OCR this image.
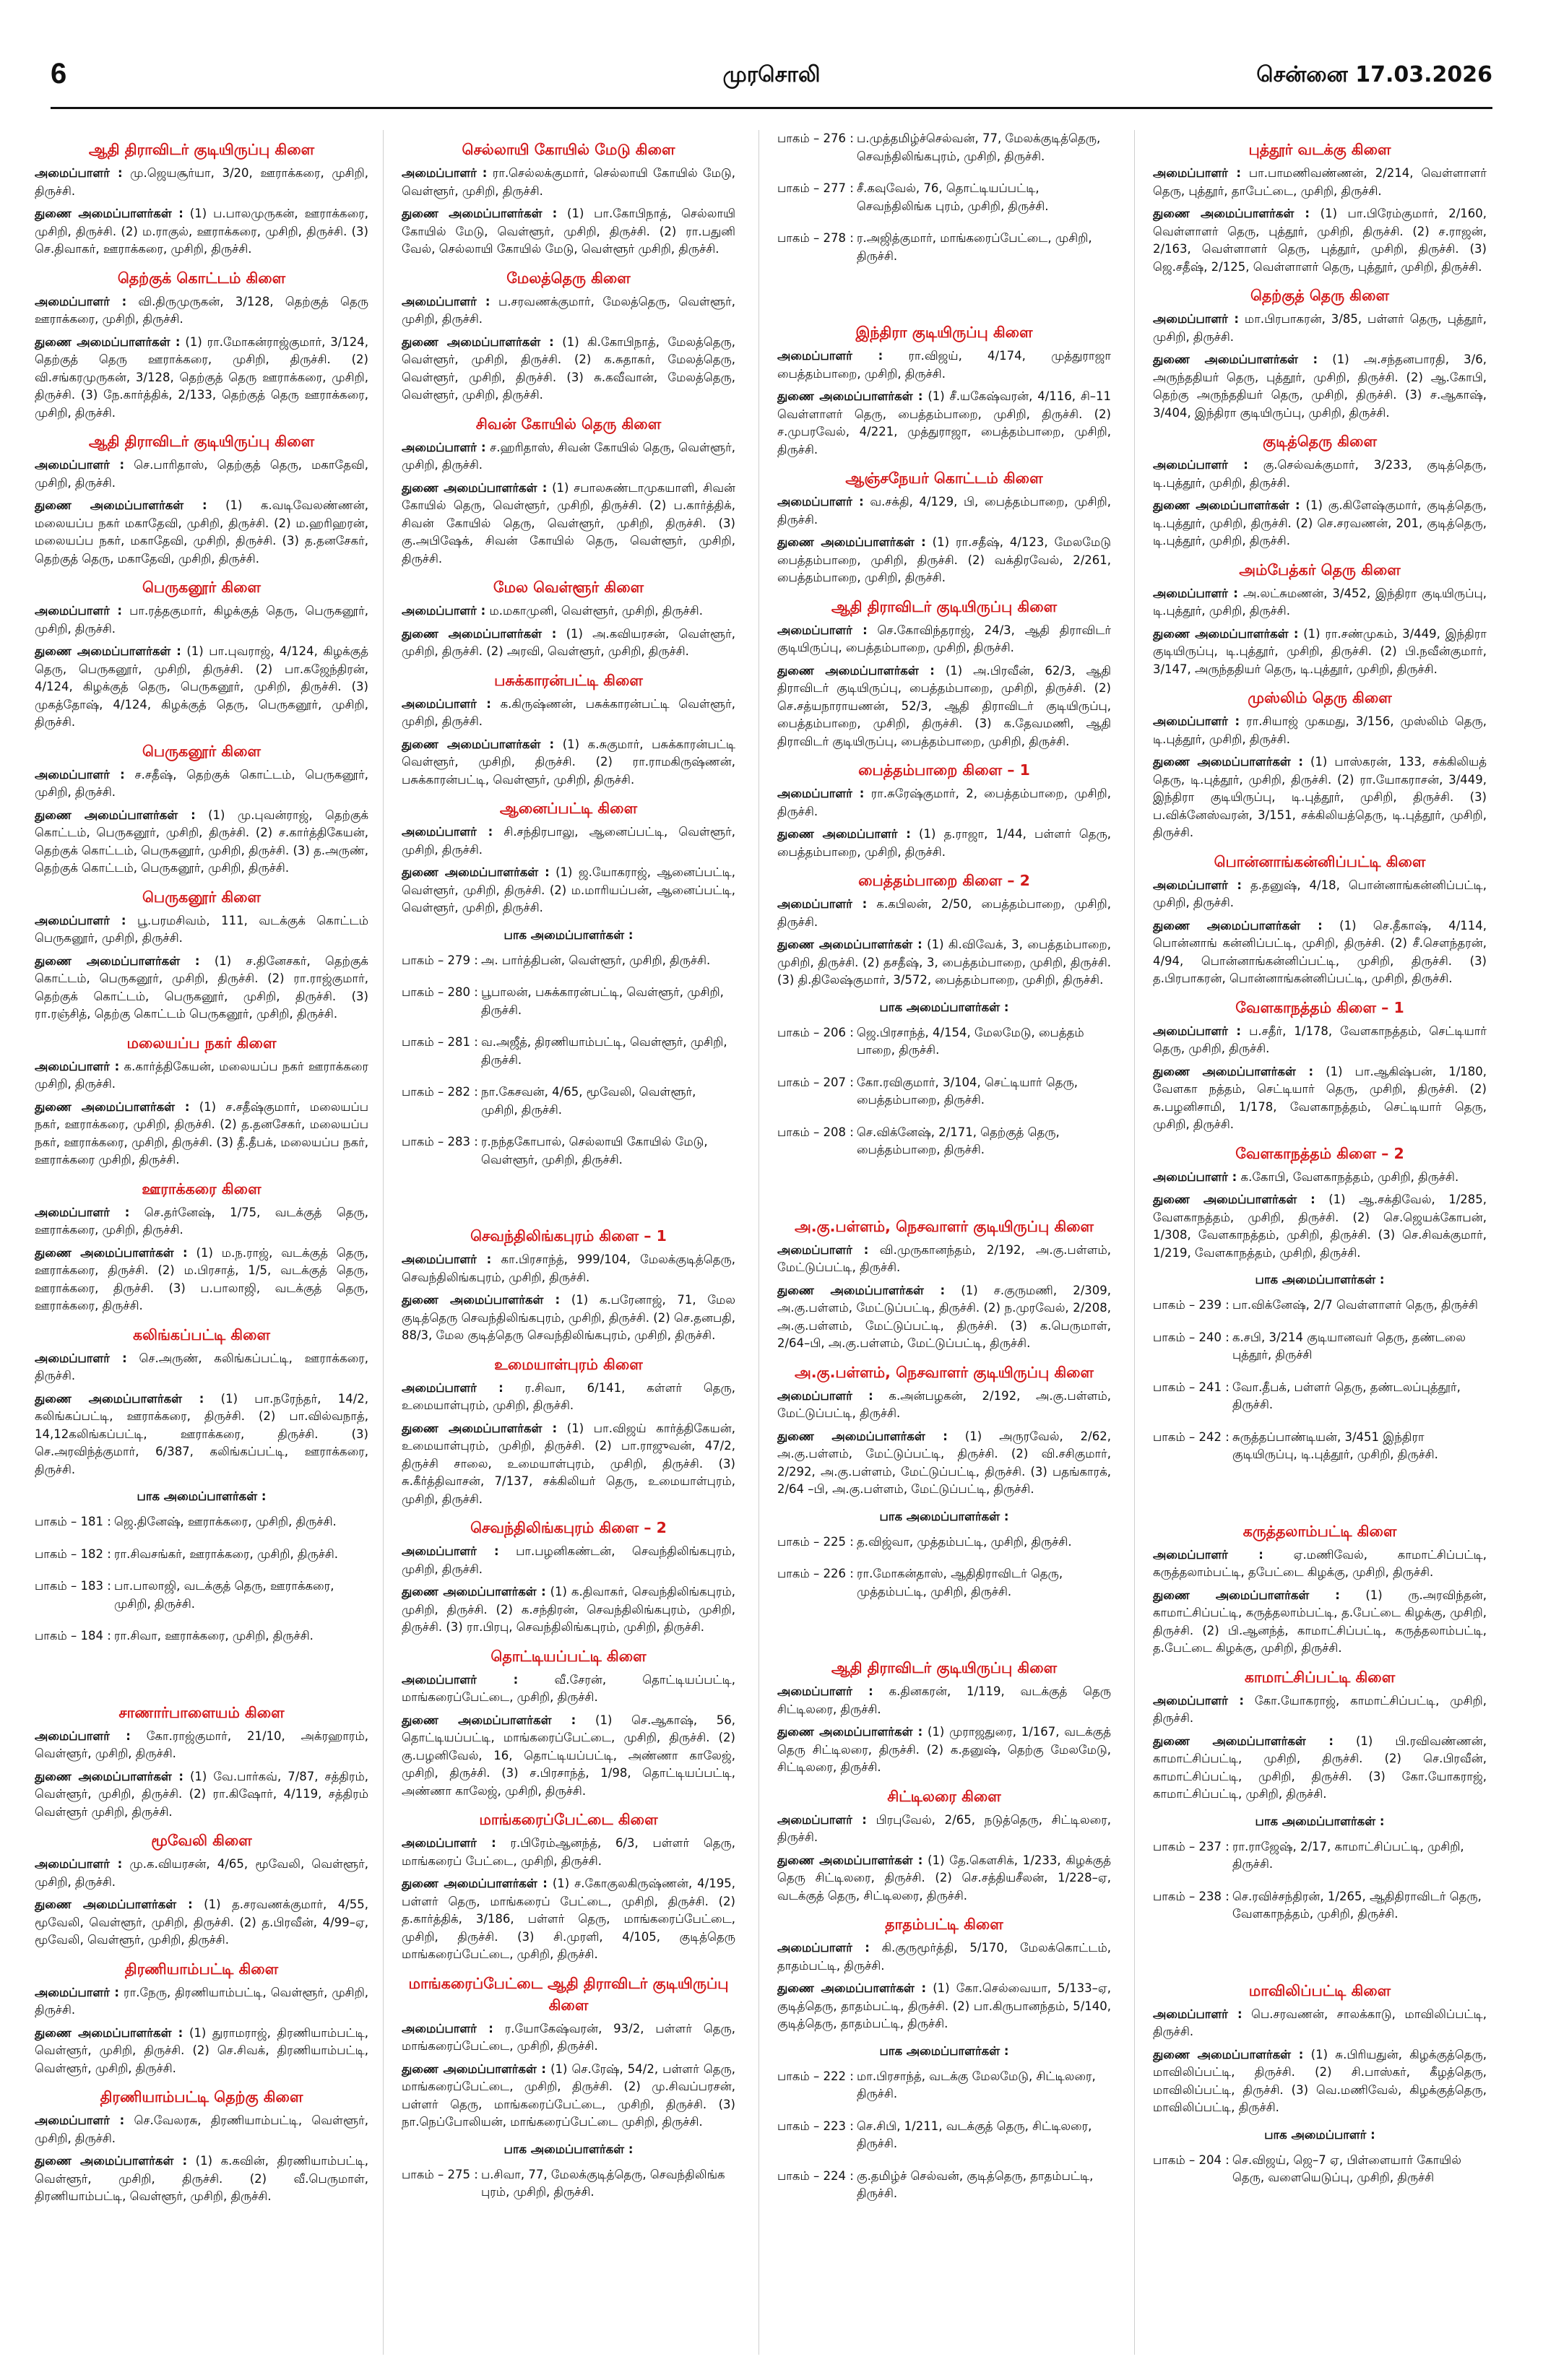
6	முரசொலி	சென்னை 17.03.2026
ஆதி திராவிடர் குடியிருப்பு கிளை
அமைப்பாளர் : மு.ஜெயசூர்யா, 3/20, ஊராக்கரை, முசிறி, திருச்சி.
துணை அமைப்பாளர்கள் : (1) ப.பாலமுருகன், ஊராக்கரை, முசிறி, திருச்சி. (2) ம.ராகுல், ஊராக்கரை, முசிறி, திருச்சி. (3) செ.திவாகர், ஊராக்கரை, முசிறி, திருச்சி.
தெற்குக் கொட்டம் கிளை
அமைப்பாளர் : வி.திருமுருகன், 3/128, தெற்குத் தெரு ஊராக்கரை, முசிறி, திருச்சி.
துணை அமைப்பாளர்கள் : (1) ரா.மோகன்ராஜ்குமார், 3/124, தெற்குத் தெரு ஊராக்கரை, முசிறி, திருச்சி. (2) வி.சங்கரமுருகன், 3/128, தெற்குத் தெரு ஊராக்கரை, முசிறி, திருச்சி. (3) நே.கார்த்திக், 2/133, தெற்குத் தெரு ஊராக்கரை, முசிறி, திருச்சி.
ஆதி திராவிடர் குடியிருப்பு கிளை
அமைப்பாளர் : செ.பாரிதாஸ், தெற்குத் தெரு, மகாதேவி, முசிறி, திருச்சி.
துணை அமைப்பாளர்கள் : (1) க.வடிவேலண்ணன், மலையப்ப நகர் மகாதேவி, முசிறி, திருச்சி. (2) ம.ஹரிஹரன், மலையப்ப நகர், மகாதேவி, முசிறி, திருச்சி. (3) த.தனசேகர், தெற்குத் தெரு, மகாதேவி, முசிறி, திருச்சி.
பெருகனூர் கிளை
அமைப்பாளர் : பா.ரத்தகுமார், கிழக்குத் தெரு, பெருகனூர், முசிறி, திருச்சி.
துணை அமைப்பாளர்கள் : (1) பா.புவராஜ், 4/124, கிழக்குத் தெரு, பெருகனூர், முசிறி, திருச்சி. (2) பா.கஜேந்திரன், 4/124, கிழக்குத் தெரு, பெருகனூர், முசிறி, திருச்சி. (3) முகத்தோஷ், 4/124, கிழக்குத் தெரு, பெருகனூர், முசிறி, திருச்சி.
பெருகனூர் கிளை
அமைப்பாளர் : ச.சதீஷ், தெற்குக் கொட்டம், பெருகனூர், முசிறி, திருச்சி.
துணை அமைப்பாளர்கள் : (1) மு.புவன்ராஜ், தெற்குக் கொட்டம், பெருகனூர், முசிறி, திருச்சி. (2) ச.கார்த்திகேயன், தெற்குக் கொட்டம், பெருகனூர், முசிறி, திருச்சி. (3) த.அருண், தெற்குக் கொட்டம், பெருகனூர், முசிறி, திருச்சி.
பெருகனூர் கிளை
அமைப்பாளர் : பூ.பரமசிவம், 111, வடக்குக் கொட்டம் பெருகனூர், முசிறி, திருச்சி.
துணை அமைப்பாளர்கள் : (1) ச.தினேசகர், தெற்குக் கொட்டம், பெருகனூர், முசிறி, திருச்சி. (2) ரா.ராஜ்குமார், தெற்குக் கொட்டம், பெருகனூர், முசிறி, திருச்சி. (3) ரா.ரஞ்சித், தெற்கு கொட்டம் பெருகனூர், முசிறி, திருச்சி.
மலையப்ப நகர் கிளை
அமைப்பாளர் : க.கார்த்திகேயன், மலையப்ப நகர் ஊராக்கரை முசிறி, திருச்சி.
துணை அமைப்பாளர்கள் : (1) ச.சதீஷ்குமார், மலையப்ப நகர், ஊராக்கரை, முசிறி, திருச்சி. (2) த.தனசேகர், மலையப்ப நகர், ஊராக்கரை, முசிறி, திருச்சி. (3) தீ.தீபக், மலையப்ப நகர், ஊராக்கரை முசிறி, திருச்சி.
ஊராக்கரை கிளை
அமைப்பாளர் : செ.தர்னேஷ், 1/75, வடக்குத் தெரு, ஊராக்கரை, முசிறி, திருச்சி.
துணை அமைப்பாளர்கள் : (1) ம.ந.ராஜ், வடக்குத் தெரு, ஊராக்கரை, திருச்சி. (2) ம.பிரசாத், 1/5, வடக்குத் தெரு, ஊராக்கரை, திருச்சி. (3) ப.பாலாஜி, வடக்குத் தெரு, ஊராக்கரை, திருச்சி.
கலிங்கப்பட்டி கிளை
அமைப்பாளர் : செ.அருண், கலிங்கப்பட்டி, ஊராக்கரை, திருச்சி.
துணை அமைப்பாளர்கள் : (1) பா.நரேந்தர், 14/2, கலிங்கப்பட்டி, ஊராக்கரை, திருச்சி. (2) பா.வில்வநாத், 14,12கலிங்கப்பட்டி, ஊராக்கரை, திருச்சி. (3) செ.அரவிந்த்குமார், 6/387, கலிங்கப்பட்டி, ஊராக்கரை, திருச்சி.
பாக அமைப்பாளர்கள் :
பாகம் – 181 : ஜெ.தினேஷ், ஊராக்கரை, முசிறி, திருச்சி.
பாகம் – 182 : ரா.சிவசங்கர், ஊராக்கரை, முசிறி, திருச்சி.
பாகம் – 183 : பா.பாலாஜி, வடக்குத் தெரு, ஊராக்கரை, முசிறி, திருச்சி.
பாகம் – 184 : ரா.சிவா, ஊராக்கரை, முசிறி, திருச்சி.
சாணார்பாளையம் கிளை
அமைப்பாளர் : கோ.ராஜ்குமார், 21/10, அக்ரஹாரம், வெள்ளூர், முசிறி, திருச்சி.
துணை அமைப்பாளர்கள் : (1) வே.பார்கவ், 7/87, சத்திரம், வெள்ளூர், முசிறி, திருச்சி. (2) ரா.கிஷோர், 4/119, சத்திரம் வெள்ளூர் முசிறி, திருச்சி.
மூவேலி கிளை
அமைப்பாளர் : மு.க.வியரசன், 4/65, மூவேலி, வெள்ளூர், முசிறி, திருச்சி.
துணை அமைப்பாளர்கள் : (1) த.சரவணக்குமார், 4/55, மூவேலி, வெள்ளூர், முசிறி, திருச்சி. (2) த.பிரவீன், 4/99–ஏ, மூவேலி, வெள்ளூர், முசிறி, திருச்சி.
திரணியாம்பட்டி கிளை
அமைப்பாளர் : ரா.நேரு, திரணியாம்பட்டி, வெள்ளூர், முசிறி, திருச்சி.
துணை அமைப்பாளர்கள் : (1) துராமராஜ், திரணியாம்பட்டி, வெள்ளூர், முசிறி, திருச்சி. (2) செ.சிவக், திரணியாம்பட்டி, வெள்ளூர், முசிறி, திருச்சி.
திரணியாம்பட்டி தெற்கு கிளை
அமைப்பாளர் : செ.வேலரசு, திரணியாம்பட்டி, வெள்ளூர், முசிறி, திருச்சி.
துணை அமைப்பாளர்கள் : (1) க.கவின், திரணியாம்பட்டி, வெள்ளூர், முசிறி, திருச்சி. (2) வீ.பெருமாள், திரணியாம்பட்டி, வெள்ளூர், முசிறி, திருச்சி.
செல்லாயி கோயில் மேடு கிளை
அமைப்பாளர் : ரா.செல்லக்குமார், செல்லாயி கோயில் மேடு, வெள்ளூர், முசிறி, திருச்சி.
துணை அமைப்பாளர்கள் : (1) பா.கோபிநாத், செல்லாயி கோயில் மேடு, வெள்ளூர், முசிறி, திருச்சி. (2) ரா.பதுனி வேல், செல்லாயி கோயில் மேடு, வெள்ளூர் முசிறி, திருச்சி.
மேலத்தெரு கிளை
அமைப்பாளர் : ப.சரவணக்குமார், மேலத்தெரு, வெள்ளூர், முசிறி, திருச்சி.
துணை அமைப்பாளர்கள் : (1) கி.கோபிநாத், மேலத்தெரு, வெள்ளூர், முசிறி, திருச்சி. (2) க.சுதாகர், மேலத்தெரு, வெள்ளூர், முசிறி, திருச்சி. (3) சு.கவீவான், மேலத்தெரு, வெள்ளூர், முசிறி, திருச்சி.
சிவன் கோயில் தெரு கிளை
அமைப்பாளர் : ச.ஹரிதாஸ், சிவன் கோயில் தெரு, வெள்ளூர், முசிறி, திருச்சி.
துணை அமைப்பாளர்கள் : (1) சபாலசுண்டாமுகயாளி, சிவன் கோயில் தெரு, வெள்ளூர், முசிறி, திருச்சி. (2) ப.கார்த்திக், சிவன் கோயில் தெரு, வெள்ளூர், முசிறி, திருச்சி. (3) கு.அபிஷேக், சிவன் கோயில் தெரு, வெள்ளூர், முசிறி, திருச்சி.
மேல வெள்ளூர் கிளை
அமைப்பாளர் : ம.மகாமுனி, வெள்ளூர், முசிறி, திருச்சி.
துணை அமைப்பாளர்கள் : (1) அ.கவியரசன், வெள்ளூர், முசிறி, திருச்சி. (2) அரவி, வெள்ளூர், முசிறி, திருச்சி.
பசுக்காரன்பட்டி கிளை
அமைப்பாளர் : க.கிருஷ்ணன், பசுக்காரன்பட்டி வெள்ளூர், முசிறி, திருச்சி.
துணை அமைப்பாளர்கள் : (1) க.சுகுமார், பசுக்காரன்பட்டி வெள்ளூர், முசிறி, திருச்சி. (2) ரா.ராமகிருஷ்ணன், பசுக்காரன்பட்டி, வெள்ளூர், முசிறி, திருச்சி.
ஆனைப்பட்டி கிளை
அமைப்பாளர் : சி.சந்திரபாலு, ஆனைப்பட்டி, வெள்ளூர், முசிறி, திருச்சி.
துணை அமைப்பாளர்கள் : (1) ஜ.யோகராஜ், ஆனைப்பட்டி, வெள்ளூர், முசிறி, திருச்சி. (2) ம.மாரியப்பன், ஆனைப்பட்டி, வெள்ளூர், முசிறி, திருச்சி.
பாக அமைப்பாளர்கள் :
பாகம் – 279 : அ. பார்த்திபன், வெள்ளூர், முசிறி, திருச்சி.
பாகம் – 280 : பூபாலன், பசுக்காரன்பட்டி, வெள்ளூர், முசிறி, திருச்சி.
பாகம் – 281 : வ.அஜீத், திரணியாம்பட்டி, வெள்ளூர், முசிறி, திருச்சி.
பாகம் – 282 : நா.கேசவன், 4/65, மூவேலி, வெள்ளூர், முசிறி, திருச்சி.
பாகம் – 283 : ர.நந்தகோபால், செல்லாயி கோயில் மேடு, வெள்ளூர், முசிறி, திருச்சி.
செவந்திலிங்கபுரம் கிளை – 1
அமைப்பாளர் : கா.பிரசாந்த், 999/104, மேலக்குடித்தெரு, செவந்திலிங்கபுரம், முசிறி, திருச்சி.
துணை அமைப்பாளர்கள் : (1) க.பரேனாஜ், 71, மேல குடித்தெரு செவந்திலிங்கபுரம், முசிறி, திருச்சி. (2) செ.தனபதி, 88/3, மேல குடித்தெரு செவந்திலிங்கபுரம், முசிறி, திருச்சி.
உமையாள்புரம் கிளை
அமைப்பாளர் : ர.சிவா, 6/141, கள்ளர் தெரு, உமையாள்புரம், முசிறி, திருச்சி.
துணை அமைப்பாளர்கள் : (1) பா.விஜய் கார்த்திகேயன், உமையாள்புரம், முசிறி, திருச்சி. (2) பா.ராஜுவன், 47/2, திருச்சி சாலை, உமையாள்புரம், முசிறி, திருச்சி. (3) சு.கீர்த்திவாசன், 7/137, சக்கிலியர் தெரு, உமையாள்புரம், முசிறி, திருச்சி.
செவந்திலிங்கபுரம் கிளை – 2
அமைப்பாளர் : பா.பழனிகண்டன், செவந்திலிங்கபுரம், முசிறி, திருச்சி.
துணை அமைப்பாளர்கள் : (1) க.திவாகர், செவந்திலிங்கபுரம், முசிறி, திருச்சி. (2) க.சந்திரன், செவந்திலிங்கபுரம், முசிறி, திருச்சி. (3) ரா.பிரபு, செவந்திலிங்கபுரம், முசிறி, திருச்சி.
தொட்டியப்பட்டி கிளை
அமைப்பாளர் :	வீ.சேரன், தொட்டியப்பட்டி, மாங்கரைப்பேட்டை, முசிறி, திருச்சி.
துணை அமைப்பாளர்கள் : (1) செ.ஆகாஷ், 56, தொட்டியப்பட்டி, மாங்கரைப்பேட்டை, முசிறி, திருச்சி. (2) கு.பழனிவேல், 16, தொட்டியப்பட்டி, அண்ணா காலேஜ், முசிறி, திருச்சி. (3) ச.பிரசாந்த், 1/98, தொட்டியப்பட்டி, அண்ணா காலேஜ், முசிறி, திருச்சி.
மாங்கரைப்பேட்டை கிளை
அமைப்பாளர் : ர.பிரேம்ஆனந்த், 6/3, பள்ளர் தெரு, மாங்கரைப் பேட்டை, முசிறி, திருச்சி.
துணை அமைப்பாளர்கள் : (1) ச.கோகுலகிருஷ்ணன், 4/195, பள்ளர் தெரு, மாங்கரைப் பேட்டை, முசிறி, திருச்சி. (2) த.கார்த்திக், 3/186, பள்ளர் தெரு, மாங்கரைப்பேட்டை, முசிறி, திருச்சி. (3) சி.முரளி, 4/105, குடித்தெரு மாங்கரைப்பேட்டை, முசிறி, திருச்சி.
மாங்கரைப்பேட்டை ஆதி திராவிடர் குடியிருப்பு கிளை
அமைப்பாளர் : ர.யோகேஷ்வரன், 93/2, பள்ளர் தெரு, மாங்கரைப்பேட்டை, முசிறி, திருச்சி.
துணை அமைப்பாளர்கள் : (1) செ.ரேஷ், 54/2, பள்ளர் தெரு, மாங்கரைப்பேட்டை, முசிறி, திருச்சி. (2) மு.சிவப்பரசன், பள்ளர் தெரு, மாங்கரைப்பேட்டை, முசிறி, திருச்சி. (3) நா.நெப்போலியன், மாங்கரைப்பேட்டை முசிறி, திருச்சி.
பாக அமைப்பாளர்கள் :
பாகம் – 275 : ப.சிவா, 77, மேலக்குடித்தெரு, செவந்திலிங்க புரம், முசிறி, திருச்சி.
பாகம் – 276 : ப.முத்தமிழ்ச்செல்வன், 77, மேலக்குடித்தெரு, செவந்திலிங்கபுரம், முசிறி, திருச்சி.
பாகம் – 277 : சீ.கவுவேல், 76, தொட்டியப்பட்டி, செவந்திலிங்க புரம், முசிறி, திருச்சி.
பாகம் – 278 : ர.அஜித்குமார், மாங்கரைப்பேட்டை, முசிறி, திருச்சி.
இந்திரா குடியிருப்பு கிளை
அமைப்பாளர் : ரா.விஜய், 4/174, முத்துராஜா பைத்தம்பாறை, முசிறி, திருச்சி.
துணை அமைப்பாளர்கள் : (1) சீ.யகேஷ்வரன், 4/116, சி–11 வெள்ளாளர் தெரு, பைத்தம்பாறை, முசிறி, திருச்சி. (2) ச.முபரவேல், 4/221, முத்துராஜா, பைத்தம்பாறை, முசிறி, திருச்சி.
ஆஞ்சநேயர் கொட்டம் கிளை
அமைப்பாளர் : வ.சக்தி, 4/129, பி, பைத்தம்பாறை, முசிறி, திருச்சி.
துணை அமைப்பாளர்கள் : (1) ரா.சதீஷ், 4/123, மேலமேடு பைத்தம்பாறை, முசிறி, திருச்சி. (2) வக்திரவேல், 2/261, பைத்தம்பாறை, முசிறி, திருச்சி.
ஆதி திராவிடர் குடியிருப்பு கிளை
அமைப்பாளர் : செ.கோவிந்தராஜ், 24/3, ஆதி திராவிடர் குடியிருப்பு, பைத்தம்பாறை, முசிறி, திருச்சி.
துணை அமைப்பாளர்கள் : (1) அ.பிரவீன், 62/3, ஆதி திராவிடர் குடியிருப்பு, பைத்தம்பாறை, முசிறி, திருச்சி. (2) செ.சத்யநாராயணன், 52/3, ஆதி திராவிடர் குடியிருப்பு, பைத்தம்பாறை, முசிறி, திருச்சி. (3) க.தேவமணி, ஆதி திராவிடர் குடியிருப்பு, பைத்தம்பாறை, முசிறி, திருச்சி.
பைத்தம்பாறை கிளை – 1
அமைப்பாளர் : ரா.சுரேஷ்குமார், 2, பைத்தம்பாறை, முசிறி, திருச்சி.
துணை அமைப்பாளர் : (1) த.ராஜா, 1/44, பள்ளர் தெரு, பைத்தம்பாறை, முசிறி, திருச்சி.
பைத்தம்பாறை கிளை – 2
அமைப்பாளர் : க.கபிலன், 2/50, பைத்தம்பாறை, முசிறி, திருச்சி.
துணை அமைப்பாளர்கள் : (1) கி.விவேக், 3, பைத்தம்பாறை, முசிறி, திருச்சி. (2) தசதீஷ், 3, பைத்தம்பாறை, முசிறி, திருச்சி. (3) தி.திலேஷ்குமார், 3/572, பைத்தம்பாறை, முசிறி, திருச்சி.
பாக அமைப்பாளர்கள் :
பாகம் – 206 : ஜெ.பிரசாந்த், 4/154, மேலமேடு, பைத்தம் பாறை, திருச்சி.
பாகம் – 207 : கோ.ரவிகுமார், 3/104, செட்டியார் தெரு, பைத்தம்பாறை, திருச்சி.
பாகம் – 208 : செ.விக்னேஷ், 2/171, தெற்குத் தெரு, பைத்தம்பாறை, திருச்சி.
அ.கு.பள்ளம், நெசவாளர் குடியிருப்பு கிளை
அமைப்பாளர் : வி.முருகானந்தம், 2/192, அ.கு.பள்ளம், மேட்டுப்பட்டி, திருச்சி.
துணை அமைப்பாளர்கள் : (1) ச.குருமணி, 2/309, அ.கு.பள்ளம், மேட்டுப்பட்டி, திருச்சி. (2) ந.முரவேல், 2/208, அ.கு.பள்ளம், மேட்டுப்பட்டி, திருச்சி. (3) க.பெருமாள், 2/64–பி, அ.கு.பள்ளம், மேட்டுப்பட்டி, திருச்சி.
அ.கு.பள்ளம், நெசவாளர் குடியிருப்பு கிளை
அமைப்பாளர் : க.அன்பழகன், 2/192, அ.கு.பள்ளம், மேட்டுப்பட்டி, திருச்சி.
துணை அமைப்பாளர்கள் : (1) அருரவேல், 2/62, அ.கு.பள்ளம், மேட்டுப்பட்டி, திருச்சி. (2) வி.சசிகுமார், 2/292, அ.கு.பள்ளம், மேட்டுப்பட்டி, திருச்சி. (3) பதங்காரக், 2/64 –பி, அ.கு.பள்ளம், மேட்டுப்பட்டி, திருச்சி.
பாக அமைப்பாளர்கள் :
பாகம் – 225 : த.விஜ்வா, முத்தம்பட்டி, முசிறி, திருச்சி.
பாகம் – 226 : ரா.மோகன்தாஸ், ஆதிதிராவிடர் தெரு, முத்தம்பட்டி, முசிறி, திருச்சி.
ஆதி திராவிடர் குடியிருப்பு கிளை
அமைப்பாளர் : க.தினகரன், 1/119, வடக்குத் தெரு சிட்டிலரை, திருச்சி.
துணை அமைப்பாளர்கள் : (1) முராஜதுரை, 1/167, வடக்குத் தெரு சிட்டிலரை, திருச்சி. (2) க.தனுஷ், தெற்கு மேலமேடு, சிட்டிலரை, திருச்சி.
சிட்டிலரை கிளை
அமைப்பாளர் : பிரபுவேல், 2/65, நடுத்தெரு, சிட்டிலரை, திருச்சி.
துணை அமைப்பாளர்கள் : (1) தே.கௌசிக், 1/233, கிழக்குத் தெரு சிட்டிலரை, திருச்சி. (2) செ.சத்தியசீலன், 1/228–ஏ, வடக்குத் தெரு, சிட்டிலரை, திருச்சி.
தாதம்பட்டி கிளை
அமைப்பாளர் : கி.குருமூர்த்தி, 5/170, மேலக்கொட்டம், தாதம்பட்டி, திருச்சி.
துணை அமைப்பாளர்கள் : (1) கோ.செல்வையா, 5/133–ஏ, குடித்தெரு, தாதம்பட்டி, திருச்சி. (2) பா.கிருபானந்தம், 5/140, குடித்தெரு, தாதம்பட்டி, திருச்சி.
பாக அமைப்பாளர்கள் :
பாகம் – 222 : மா.பிரசாந்த், வடக்கு மேலமேடு, சிட்டிலரை, திருச்சி.
பாகம் – 223 : செ.சிபி, 1/211, வடக்குத் தெரு, சிட்டிலரை, திருச்சி.
பாகம் – 224 : கு.தமிழ்ச் செல்வன், குடித்தெரு, தாதம்பட்டி, திருச்சி.
புத்தூர் வடக்கு கிளை
அமைப்பாளர் : பா.பாமணிவண்ணன், 2/214, வெள்ளாளர் தெரு, புத்தூர், தாபேட்டை, முசிறி, திருச்சி.
துணை அமைப்பாளர்கள் : (1) பா.பிரேம்குமார், 2/160, வெள்ளாளர் தெரு, புத்தூர், முசிறி, திருச்சி. (2) ச.ராஜன், 2/163, வெள்ளாளர் தெரு, புத்தூர், முசிறி, திருச்சி. (3) ஜெ.சதீஷ், 2/125, வெள்ளாளர் தெரு, புத்தூர், முசிறி, திருச்சி.
தெற்குத் தெரு கிளை
அமைப்பாளர் : மா.பிரபாகரன், 3/85, பள்ளர் தெரு, புத்தூர், முசிறி, திருச்சி.
துணை அமைப்பாளர்கள் : (1) அ.சந்தனபாரதி, 3/6, அருந்ததியர் தெரு, புத்தூர், முசிறி, திருச்சி. (2) ஆ.கோபி, தெற்கு அருந்ததியர் தெரு, முசிறி, திருச்சி. (3) ச.ஆகாஷ், 3/404, இந்திரா குடியிருப்பு, முசிறி, திருச்சி.
குடித்தெரு கிளை
அமைப்பாளர் : கு.செல்வக்குமார், 3/233, குடித்தெரு, டி.புத்தூர், முசிறி, திருச்சி.
துணை அமைப்பாளர்கள் : (1) கு.கிளேஷ்குமார், குடித்தெரு, டி.புத்தூர், முசிறி, திருச்சி. (2) செ.சரவணன், 201, குடித்தெரு, டி.புத்தூர், முசிறி, திருச்சி.
அம்பேத்கர் தெரு கிளை
அமைப்பாளர் : அ.லட்சுமணன், 3/452, இந்திரா குடியிருப்பு, டி.புத்தூர், முசிறி, திருச்சி.
துணை அமைப்பாளர்கள் : (1) ரா.சண்முகம், 3/449, இந்திரா குடியிருப்பு, டி.புத்தூர், முசிறி, திருச்சி. (2) பி.நவீன்குமார், 3/147, அருந்ததியர் தெரு, டி.புத்தூர், முசிறி, திருச்சி.
முஸ்லிம் தெரு கிளை
அமைப்பாளர் : ரா.சியாஜ் முகமது, 3/156, முஸ்லிம் தெரு, டி.புத்தூர், முசிறி, திருச்சி.
துணை அமைப்பாளர்கள் : (1) பாஸ்கரன், 133, சக்கிலியத் தெரு, டி.புத்தூர், முசிறி, திருச்சி. (2) ரா.யோகராசன், 3/449, இந்திரா குடியிருப்பு, டி.புத்தூர், முசிறி, திருச்சி. (3) ப.விக்னேஸ்வரன், 3/151, சக்கிலியத்தெரு, டி.புத்தூர், முசிறி, திருச்சி.
பொன்னாங்கன்னிப்பட்டி கிளை
அமைப்பாளர் : த.தனுஷ், 4/18, பொன்னாங்கன்னிப்பட்டி, முசிறி, திருச்சி.
துணை அமைப்பாளர்கள் : (1) செ.தீகாஷ், 4/114, பொன்னாங் கன்னிப்பட்டி, முசிறி, திருச்சி. (2) சீ.சௌந்தரன், 4/94, பொன்னாங்கன்னிப்பட்டி, முசிறி, திருச்சி. (3) த.பிரபாகரன், பொன்னாங்கன்னிப்பட்டி, முசிறி, திருச்சி.
வேளகாநத்தம் கிளை – 1
அமைப்பாளர் : ப.சதீர், 1/178, வேளகாநத்தம், செட்டியார் தெரு, முசிறி, திருச்சி.
துணை அமைப்பாளர்கள் : (1) பா.ஆகிஷ்பன், 1/180, வேளகா நத்தம், செட்டியார் தெரு, முசிறி, திருச்சி. (2) சு.பழனிசாமி, 1/178, வேளகாநத்தம், செட்டியார் தெரு, முசிறி, திருச்சி.
வேளகாநத்தம் கிளை – 2
அமைப்பாளர் : க.கோபி, வேளகாநத்தம், முசிறி, திருச்சி.
துணை அமைப்பாளர்கள் : (1) ஆ.சக்திவேல், 1/285, வேளகாநத்தம், முசிறி, திருச்சி. (2) செ.ஜெயக்கோபன், 1/308, வேளகாநத்தம், முசிறி, திருச்சி. (3) செ.சிவக்குமார், 1/219, வேளகாநத்தம், முசிறி, திருச்சி.
பாக அமைப்பாளர்கள் :
பாகம் – 239 : பா.விக்னேஷ், 2/7 வெள்ளாளர் தெரு, திருச்சி
பாகம் – 240 : க.சபி, 3/214 குடியானவர் தெரு, தண்டலை புத்தூர், திருச்சி
பாகம் – 241 : வோ.தீபக், பள்ளர் தெரு, தண்டலப்புத்தூர், திருச்சி.
பாகம் – 242 : சுருத்தப்பாண்டியன், 3/451 இந்திரா குடியிருப்பு, டி.புத்தூர், முசிறி, திருச்சி.
கருத்தலாம்பட்டி கிளை
அமைப்பாளர் :	ஏ.மணிவேல், காமாட்சிப்பட்டி, கருத்தலாம்பட்டி, தபேட்டை கிழக்கு, முசிறி, திருச்சி.
துணை அமைப்பாளர்கள் : (1) ரு.அரவிந்தன், காமாட்சிப்பட்டி, கருத்தலாம்பட்டி, த.பேட்டை கிழக்கு, முசிறி, திருச்சி. (2) பி.ஆனந்த், காமாட்சிப்பட்டி, கருத்தலாம்பட்டி, த.பேட்டை கிழக்கு, முசிறி, திருச்சி.
காமாட்சிப்பட்டி கிளை
அமைப்பாளர் : கோ.யோகராஜ், காமாட்சிப்பட்டி, முசிறி, திருச்சி.
துணை அமைப்பாளர்கள் : (1) பி.ரவிவண்ணன், காமாட்சிப்பட்டி, முசிறி, திருச்சி. (2) செ.பிரவீன், காமாட்சிப்பட்டி, முசிறி, திருச்சி. (3) கோ.யோகராஜ், காமாட்சிப்பட்டி, முசிறி, திருச்சி.
பாக அமைப்பாளர்கள் :
பாகம் – 237 : ரா.ராஜேஷ், 2/17, காமாட்சிப்பட்டி, முசிறி, திருச்சி.
பாகம் – 238 : செ.ரவிச்சந்திரன், 1/265, ஆதிதிராவிடர் தெரு, வேளகாநத்தம், முசிறி, திருச்சி.
மாவிலிப்பட்டி கிளை
அமைப்பாளர் : பெ.சரவணன், சாலக்காடு, மாவிலிப்பட்டி, திருச்சி.
துணை அமைப்பாளர்கள் : (1) சு.பிரியதுன், கிழக்குத்தெரு, மாவிலிப்பட்டி, திருச்சி. (2) சி.பாஸ்கர், கீழத்தெரு, மாவிலிப்பட்டி, திருச்சி. (3) வெ.மணிவேல், கிழக்குத்தெரு, மாவிலிப்பட்டி, திருச்சி.
பாக அமைப்பாளர் :
பாகம் – 204 : செ.விஜய், ஜெ–7 ஏ, பிள்ளையார் கோயில் தெரு, வளையெடுப்பு, முசிறி, திருச்சி
